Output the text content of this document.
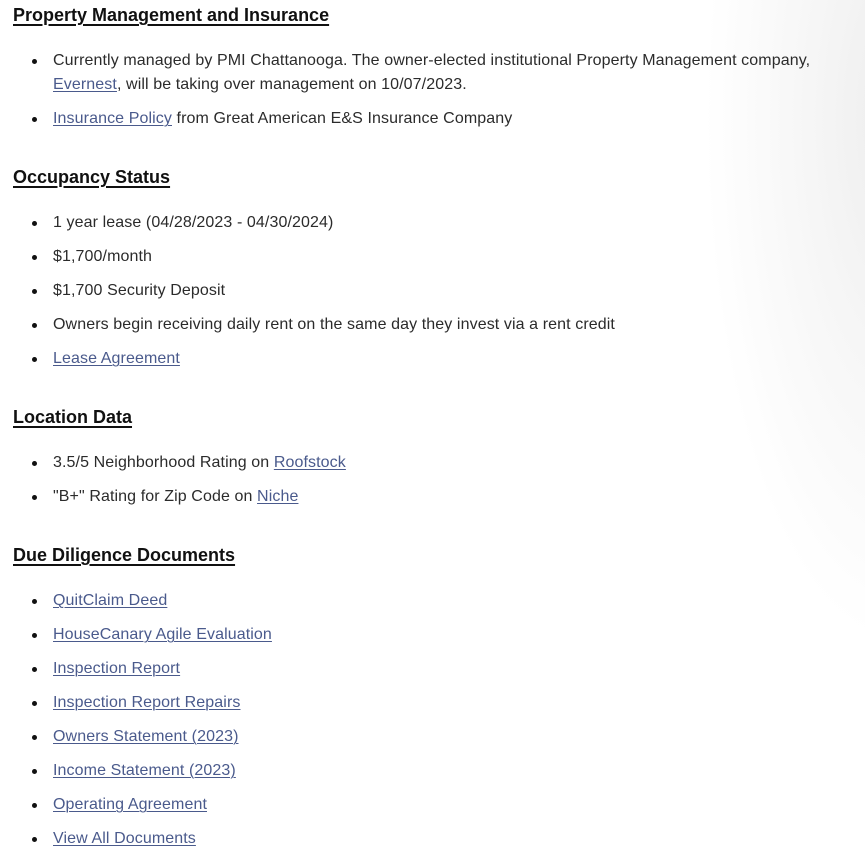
Property Management and Insurance
Currently managed by PMI Chattanooga. The owner-elected institutional Property Management company,
Evernest, will be taking over management on 10/07/2023.
Insurance Policy from Great American E&S Insurance Company
Occupancy Status
1 year lease (04/28/2023 - 04/30/2024)
$1,700/month
$1,700 Security Deposit
Owners begin receiving daily rent on the same day they invest via a rent credit
Lease Agreement
Location Data
3.5/5 Neighborhood Rating on Roofstock
"B+" Rating for Zip Code on Niche
Due Diligence Documents
QuitClaim Deed
HouseCanary Agile Evaluation
Inspection Report
Inspection Report Repairs
Owners Statement (2023)
Income Statement (2023)
Operating Agreement
View All Documents
